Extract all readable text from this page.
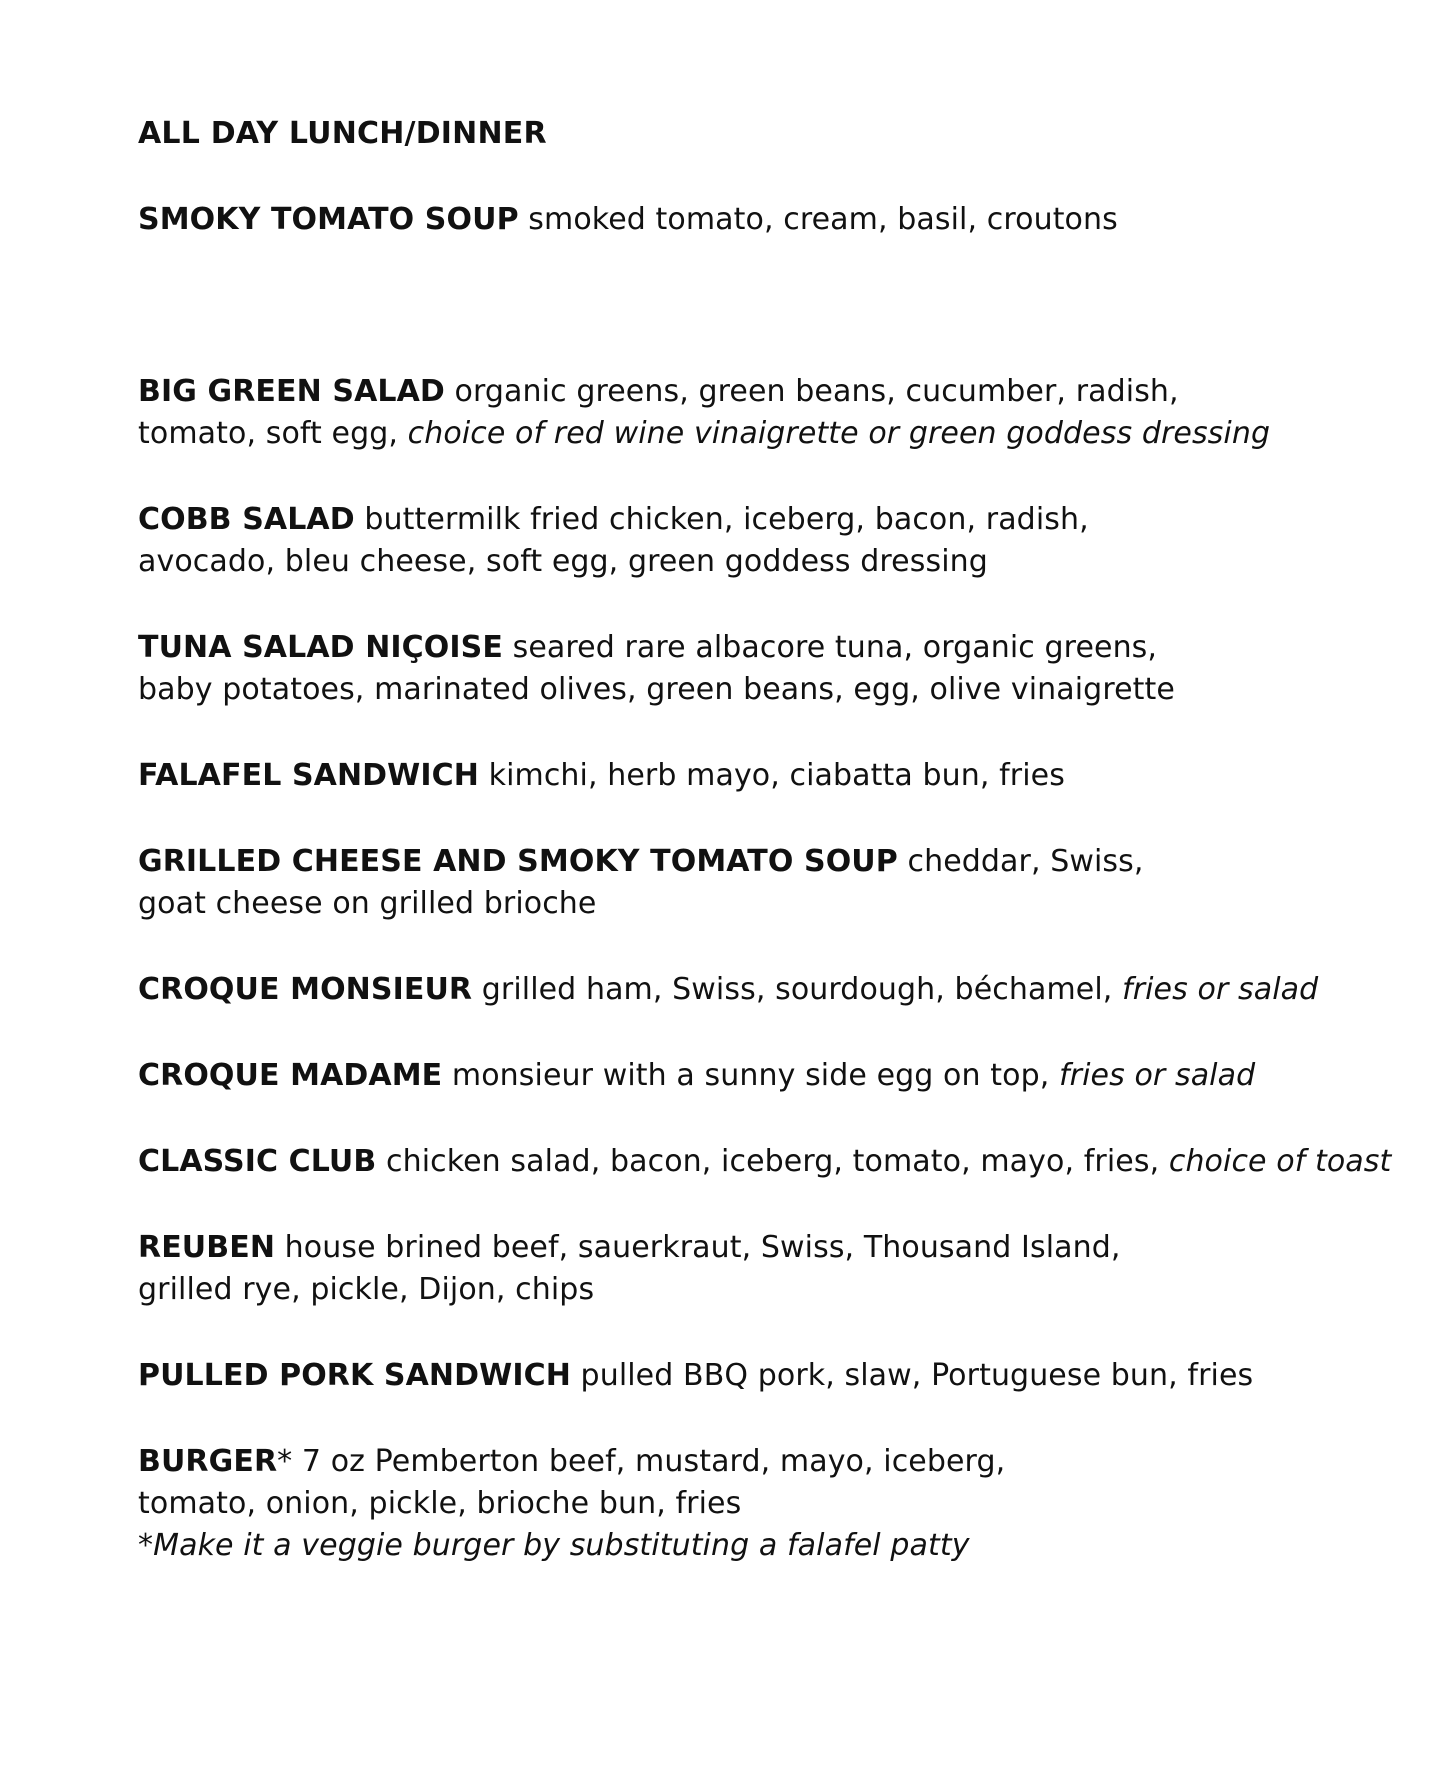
ALL DAY LUNCH/DINNER
SMOKY TOMATO SOUP smoked tomato, cream, basil, croutons
BIG GREEN SALAD organic greens, green beans, cucumber, radish,
tomato, soft egg, choice of red wine vinaigrette or green goddess dressing
COBB SALAD buttermilk fried chicken, iceberg, bacon, radish,
avocado, bleu cheese, soft egg, green goddess dressing
TUNA SALAD NIÇOISE seared rare albacore tuna, organic greens,
baby potatoes, marinated olives, green beans, egg, olive vinaigrette
FALAFEL SANDWICH kimchi, herb mayo, ciabatta bun, fries
GRILLED CHEESE AND SMOKY TOMATO SOUP cheddar, Swiss,
goat cheese on grilled brioche
CROQUE MONSIEUR grilled ham, Swiss, sourdough, béchamel, fries or salad
CROQUE MADAME monsieur with a sunny side egg on top, fries or salad
CLASSIC CLUB chicken salad, bacon, iceberg, tomato, mayo, fries, choice of toast
REUBEN house brined beef, sauerkraut, Swiss, Thousand Island,
grilled rye, pickle, Dijon, chips
PULLED PORK SANDWICH pulled BBQ pork, slaw, Portuguese bun, fries
BURGER* 7 oz Pemberton beef, mustard, mayo, iceberg,
tomato, onion, pickle, brioche bun, fries
*Make it a veggie burger by substituting a falafel patty
